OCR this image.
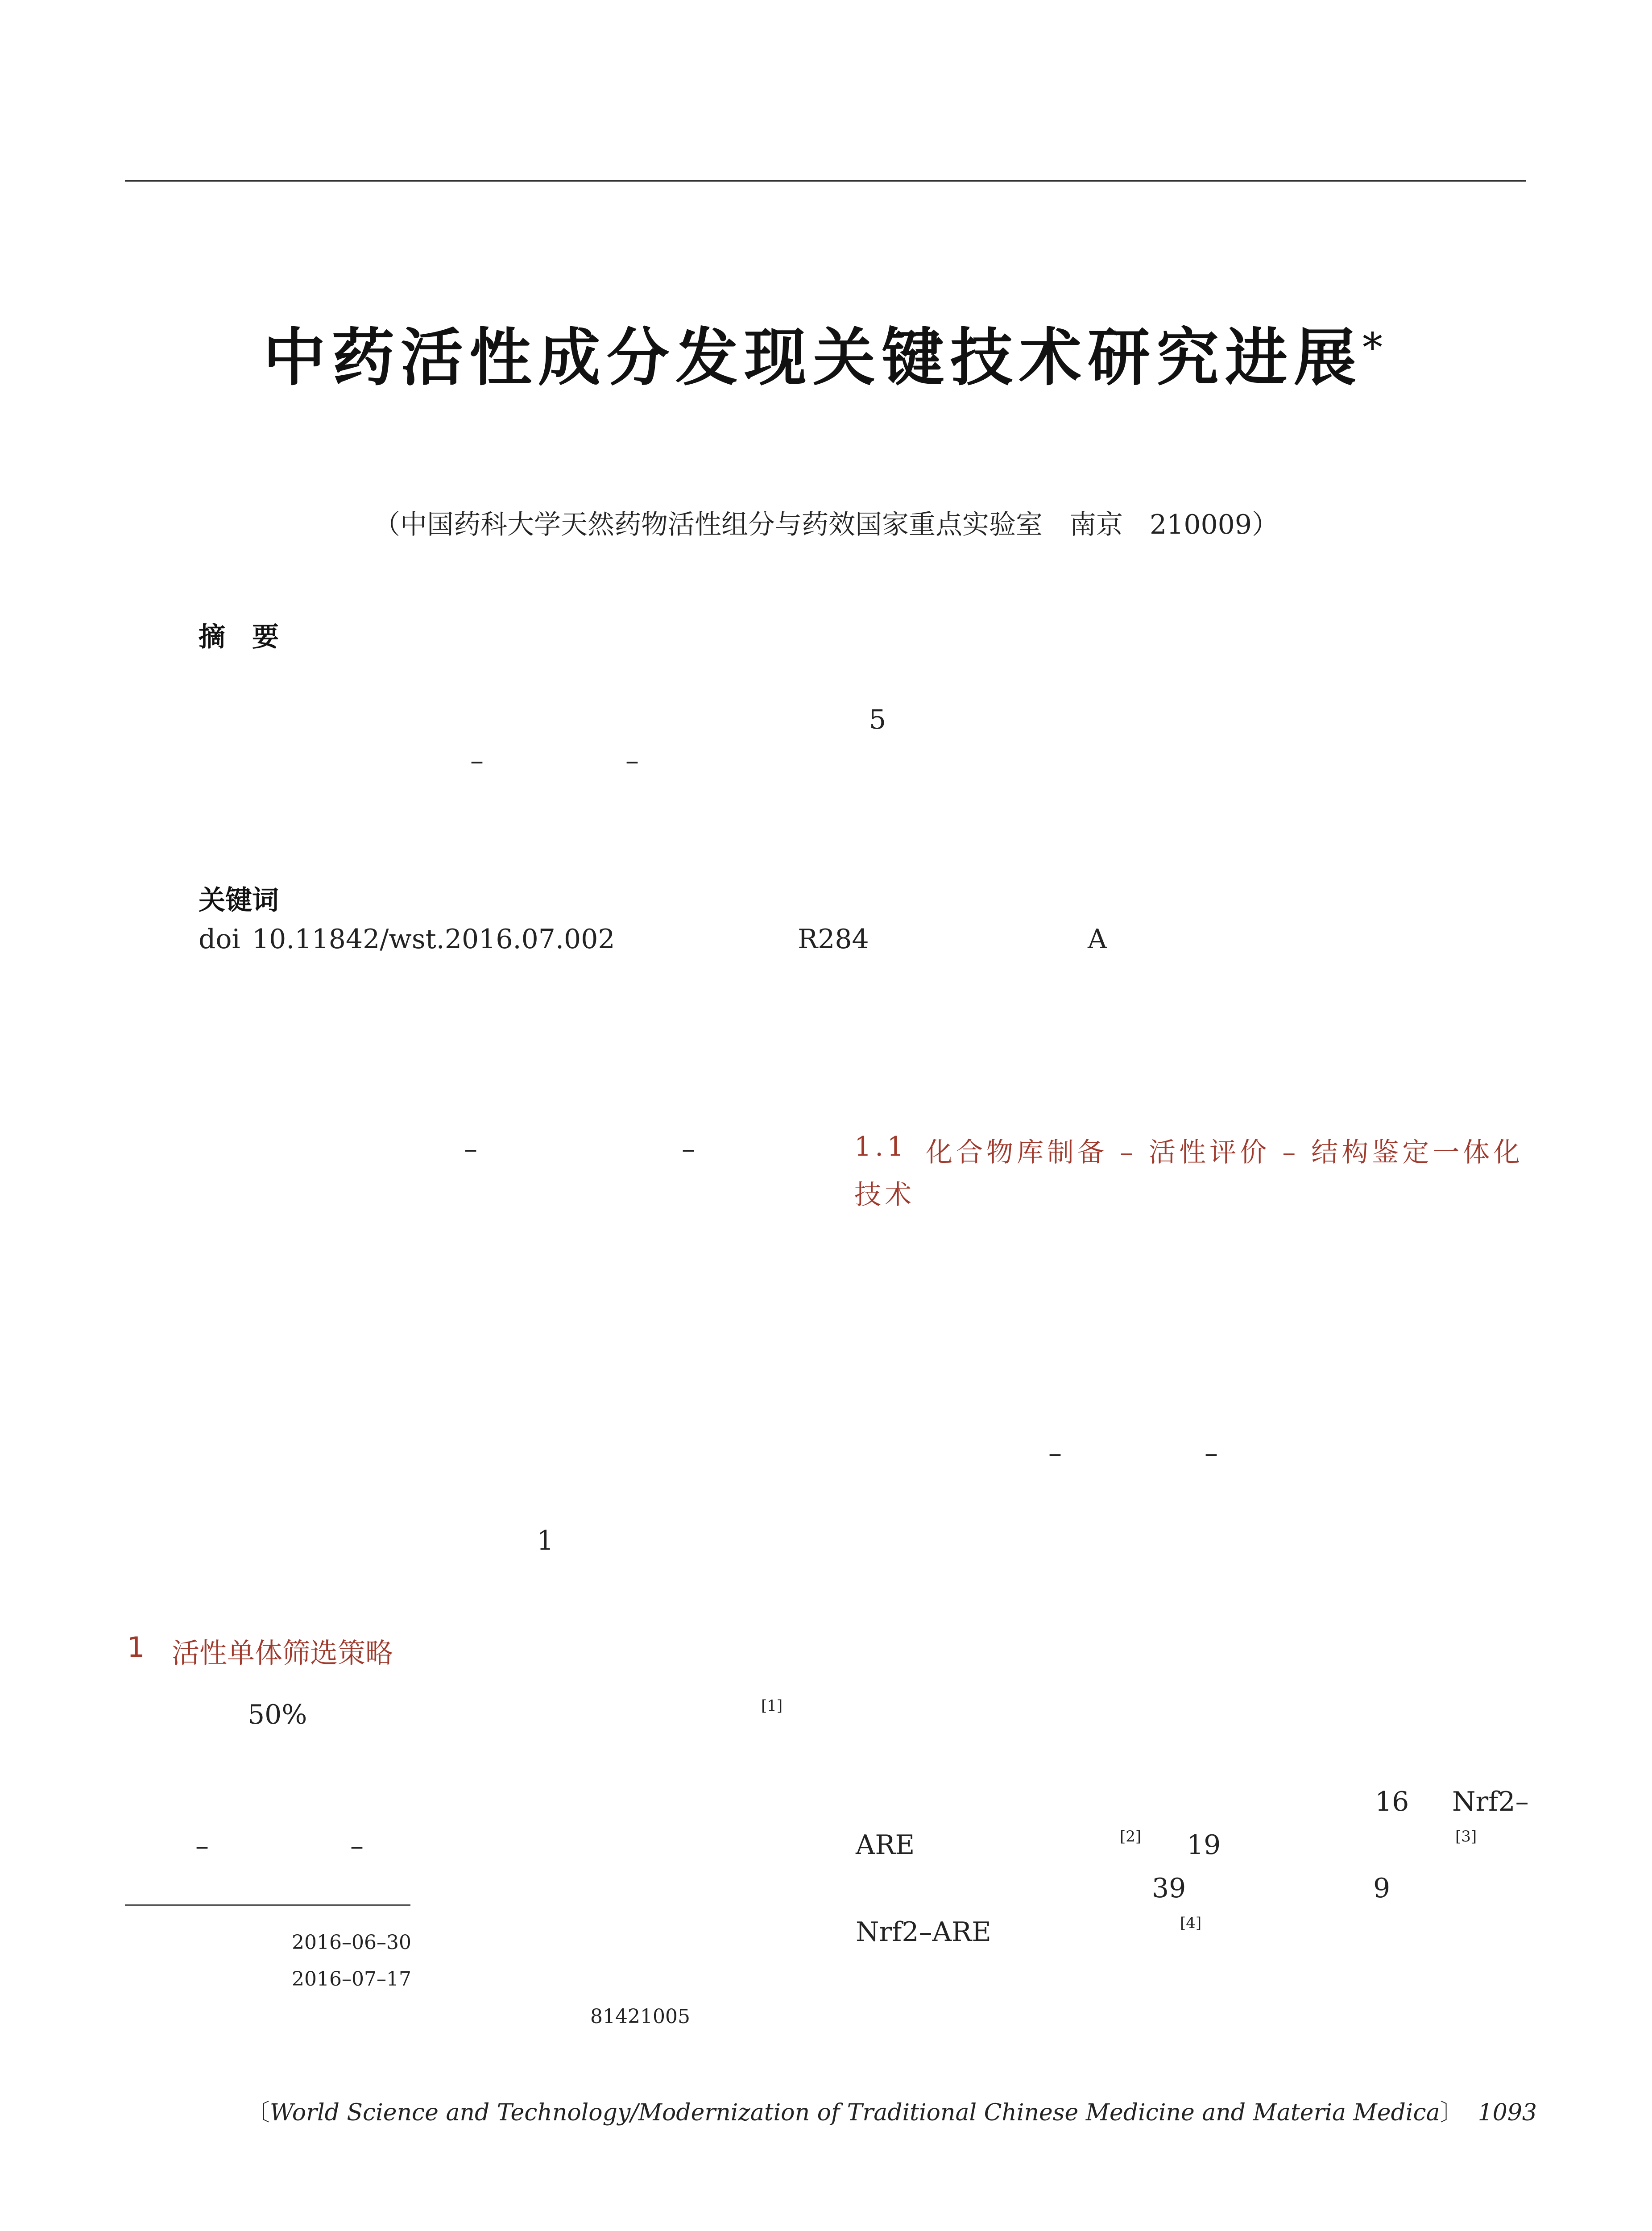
中药活性成分发现关键技术研究进展*
（中国药科大学天然药物活性组分与药效国家重点实验室　南京　210009）
摘　要
5
–	–
关键词
doi 10.11842/wst.2016.07.002	R284	A
–	–
1
1 活性单体筛选策略
50%	[1]
–	–
2016–06–30
2016–07–17
81421005
1.1 化合物库制备 – 活性评价 – 结构鉴定一体化
技术
–	–
16 Nrf2–
ARE	[2] 19	[3]
39	9
Nrf2–ARE	[4]
〔World Science and Technology/Modernization of Traditional Chinese Medicine and Materia Medica〕 1093
